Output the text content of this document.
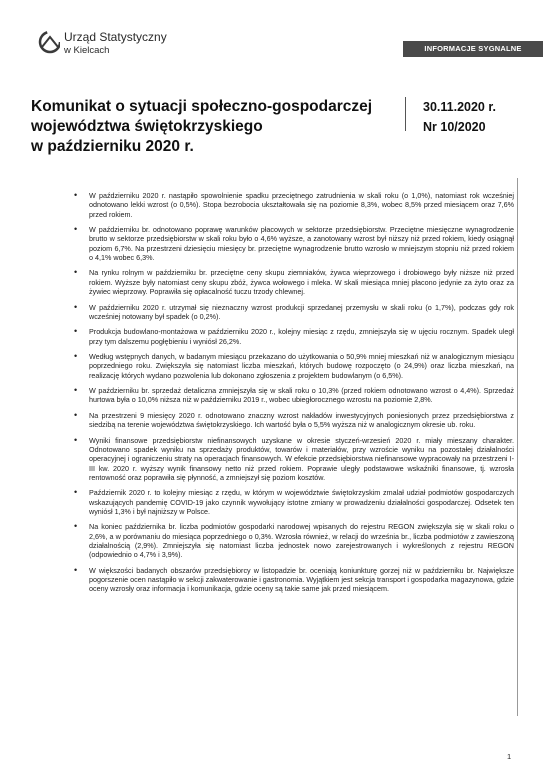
Urząd Statystyczny
w Kielcach	INFORMACJE SYGNALNE
Komunikat o sytuacji społeczno-gospodarczej
województwa świętokrzyskiego
w październiku 2020 r.
30.11.2020 r.
Nr 10/2020
• W październiku 2020 r. nastąpiło spowolnienie spadku przeciętnego zatrudnienia w skali roku (o 1,0%), natomiast rok wcześniej odnotowano lekki wzrost (o 0,5%). Stopa bezrobocia ukształtowała się na poziomie 8,3%, wobec 8,5% przed miesiącem oraz 7,6% przed rokiem.
• W październiku br. odnotowano poprawę warunków płacowych w sektorze przedsiębiorstw. Przeciętne miesięczne wynagrodzenie brutto w sektorze przedsiębiorstw w skali roku było o 4,6% wyższe, a zanotowany wzrost był niższy niż przed rokiem, kiedy osiągnął poziom 6,7%. Na przestrzeni dziesięciu miesięcy br. przeciętne wynagrodzenie brutto wzrosło w mniejszym stopniu niż przed rokiem o 4,1% wobec 6,3%.
• Na rynku rolnym w październiku br. przeciętne ceny skupu ziemniaków, żywca wieprzowego i drobiowego były niższe niż przed rokiem. Wyższe były natomiast ceny skupu zbóż, żywca wołowego i mleka. W skali miesiąca mniej płacono jedynie za żyto oraz za żywiec wieprzowy. Poprawiła się opłacalność tuczu trzody chlewnej.
• W październiku 2020 r. utrzymał się nieznaczny wzrost produkcji sprzedanej przemysłu w skali roku (o 1,7%), podczas gdy rok wcześniej notowany był spadek (o 0,2%).
• Produkcja budowlano-montażowa w październiku 2020 r., kolejny miesiąc z rzędu, zmniejszyła się w ujęciu rocznym. Spadek uległ przy tym dalszemu pogłębieniu i wyniósł 26,2%.
• Według wstępnych danych, w badanym miesiącu przekazano do użytkowania o 50,9% mniej mieszkań niż w analogicznym miesiącu poprzedniego roku. Zwiększyła się natomiast liczba mieszkań, których budowę rozpoczęto (o 24,9%) oraz liczba mieszkań, na realizację których wydano pozwolenia lub dokonano zgłoszenia z projektem budowlanym (o 6,5%).
• W październiku br. sprzedaż detaliczna zmniejszyła się w skali roku o 10,3% (przed rokiem odnotowano wzrost o 4,4%). Sprzedaż hurtowa była o 10,0% niższa niż w październiku 2019 r., wobec ubiegłorocznego wzrostu na poziomie 2,8%.
• Na przestrzeni 9 miesięcy 2020 r. odnotowano znaczny wzrost nakładów inwestycyjnych poniesionych przez przedsiębiorstwa z siedzibą na terenie województwa świętokrzyskiego. Ich wartość była o 5,5% wyższa niż w analogicznym okresie ub. roku.
• Wyniki finansowe przedsiębiorstw niefinansowych uzyskane w okresie styczeń-wrzesień 2020 r. miały mieszany charakter. Odnotowano spadek wyniku na sprzedaży produktów, towarów i materiałów, przy wzroście wyniku na pozostałej działalności operacyjnej i ograniczeniu straty na operacjach finansowych. W efekcie przedsiębiorstwa niefinansowe wypracowały na przestrzeni I-III kw. 2020 r. wyższy wynik finansowy netto niż przed rokiem. Poprawie uległy podstawowe wskaźniki finansowe, tj. wzrosła rentowność oraz poprawiła się płynność, a zmniejszył się poziom kosztów.
• Październik 2020 r. to kolejny miesiąc z rzędu, w którym w województwie świętokrzyskim zmalał udział podmiotów gospodarczych wskazujących pandemię COVID-19 jako czynnik wywołujący istotne zmiany w prowadzeniu działalności gospodarczej. Odsetek ten wyniósł 1,3% i był najniższy w Polsce.
• Na koniec października br. liczba podmiotów gospodarki narodowej wpisanych do rejestru REGON zwiększyła się w skali roku o 2,6%, a w porównaniu do miesiąca poprzedniego o 0,3%. Wzrosła również, w relacji do września br., liczba podmiotów z zawieszoną działalnością (2,9%). Zmniejszyła się natomiast liczba jednostek nowo zarejestrowanych i wykreślonych z rejestru REGON (odpowiednio o 4,7% i 3,9%).
• W większości badanych obszarów przedsiębiorcy w listopadzie br. oceniają koniunkturę gorzej niż w październiku br. Największe pogorszenie ocen nastąpiło w sekcji zakwaterowanie i gastronomia. Wyjątkiem jest sekcja transport i gospodarka magazynowa, gdzie oceny wzrosły oraz informacja i komunikacja, gdzie oceny są takie same jak przed miesiącem.
1
